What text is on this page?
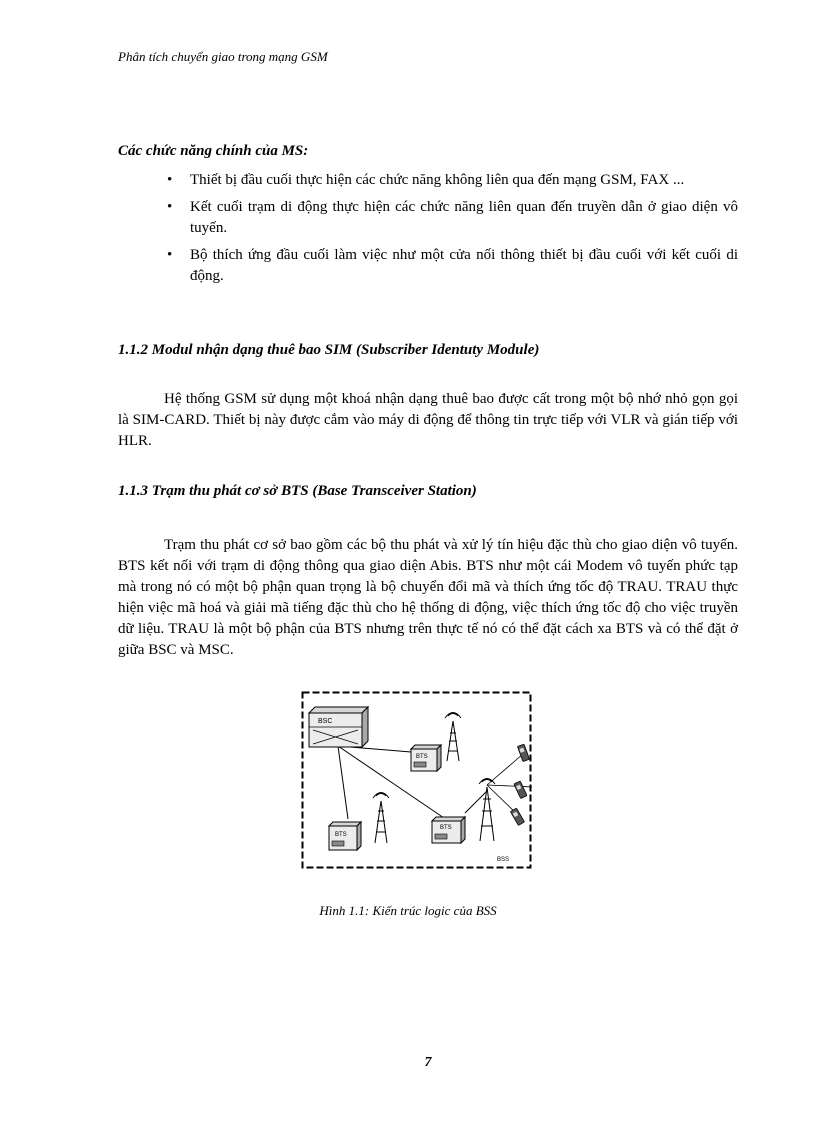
Phân tích chuyển giao trong mạng GSM
Các chức năng chính của MS:
• Thiết bị đầu cuối thực hiện các chức năng không liên qua đến mạng GSM, FAX ...
• Kết cuối trạm di động thực hiện các chức năng liên quan đến truyền dẫn ở giao diện vô tuyến.
• Bộ thích ứng đầu cuối làm việc như một cửa nối thông thiết bị đầu cuối với kết cuối di động.
1.1.2 Modul nhận dạng thuê bao SIM (Subscriber Identuty Module)

Hệ thống GSM sử dụng một khoá nhận dạng thuê bao được cất trong một bộ nhớ nhỏ gọn gọi là SIM-CARD. Thiết bị này được cắm vào máy di động để thông tin trực tiếp với VLR và gián tiếp với HLR.

1.1.3 Trạm thu phát cơ sở BTS (Base Transceiver Station)

Trạm thu phát cơ sở bao gồm các bộ thu phát và xử lý tín hiệu đặc thù cho giao diện vô tuyến. BTS kết nối với trạm di động thông qua giao diện Abis. BTS như một cái Modem vô tuyến phức tạp mà trong nó có một bộ phận quan trọng là bộ chuyển đổi mã và thích ứng tốc độ TRAU. TRAU thực hiện việc mã hoá và giải mã tiếng đặc thù cho hệ thống di động, việc thích ứng tốc độ cho việc truyền dữ liệu. TRAU là một bộ phận của BTS nhưng trên thực tế nó có thể đặt cách xa BTS và có thể đặt ở giữa BSC và MSC.

BSC
BTS
BTS
BTS
BSS
Hình 1.1: Kiến trúc logic của BSS
7
